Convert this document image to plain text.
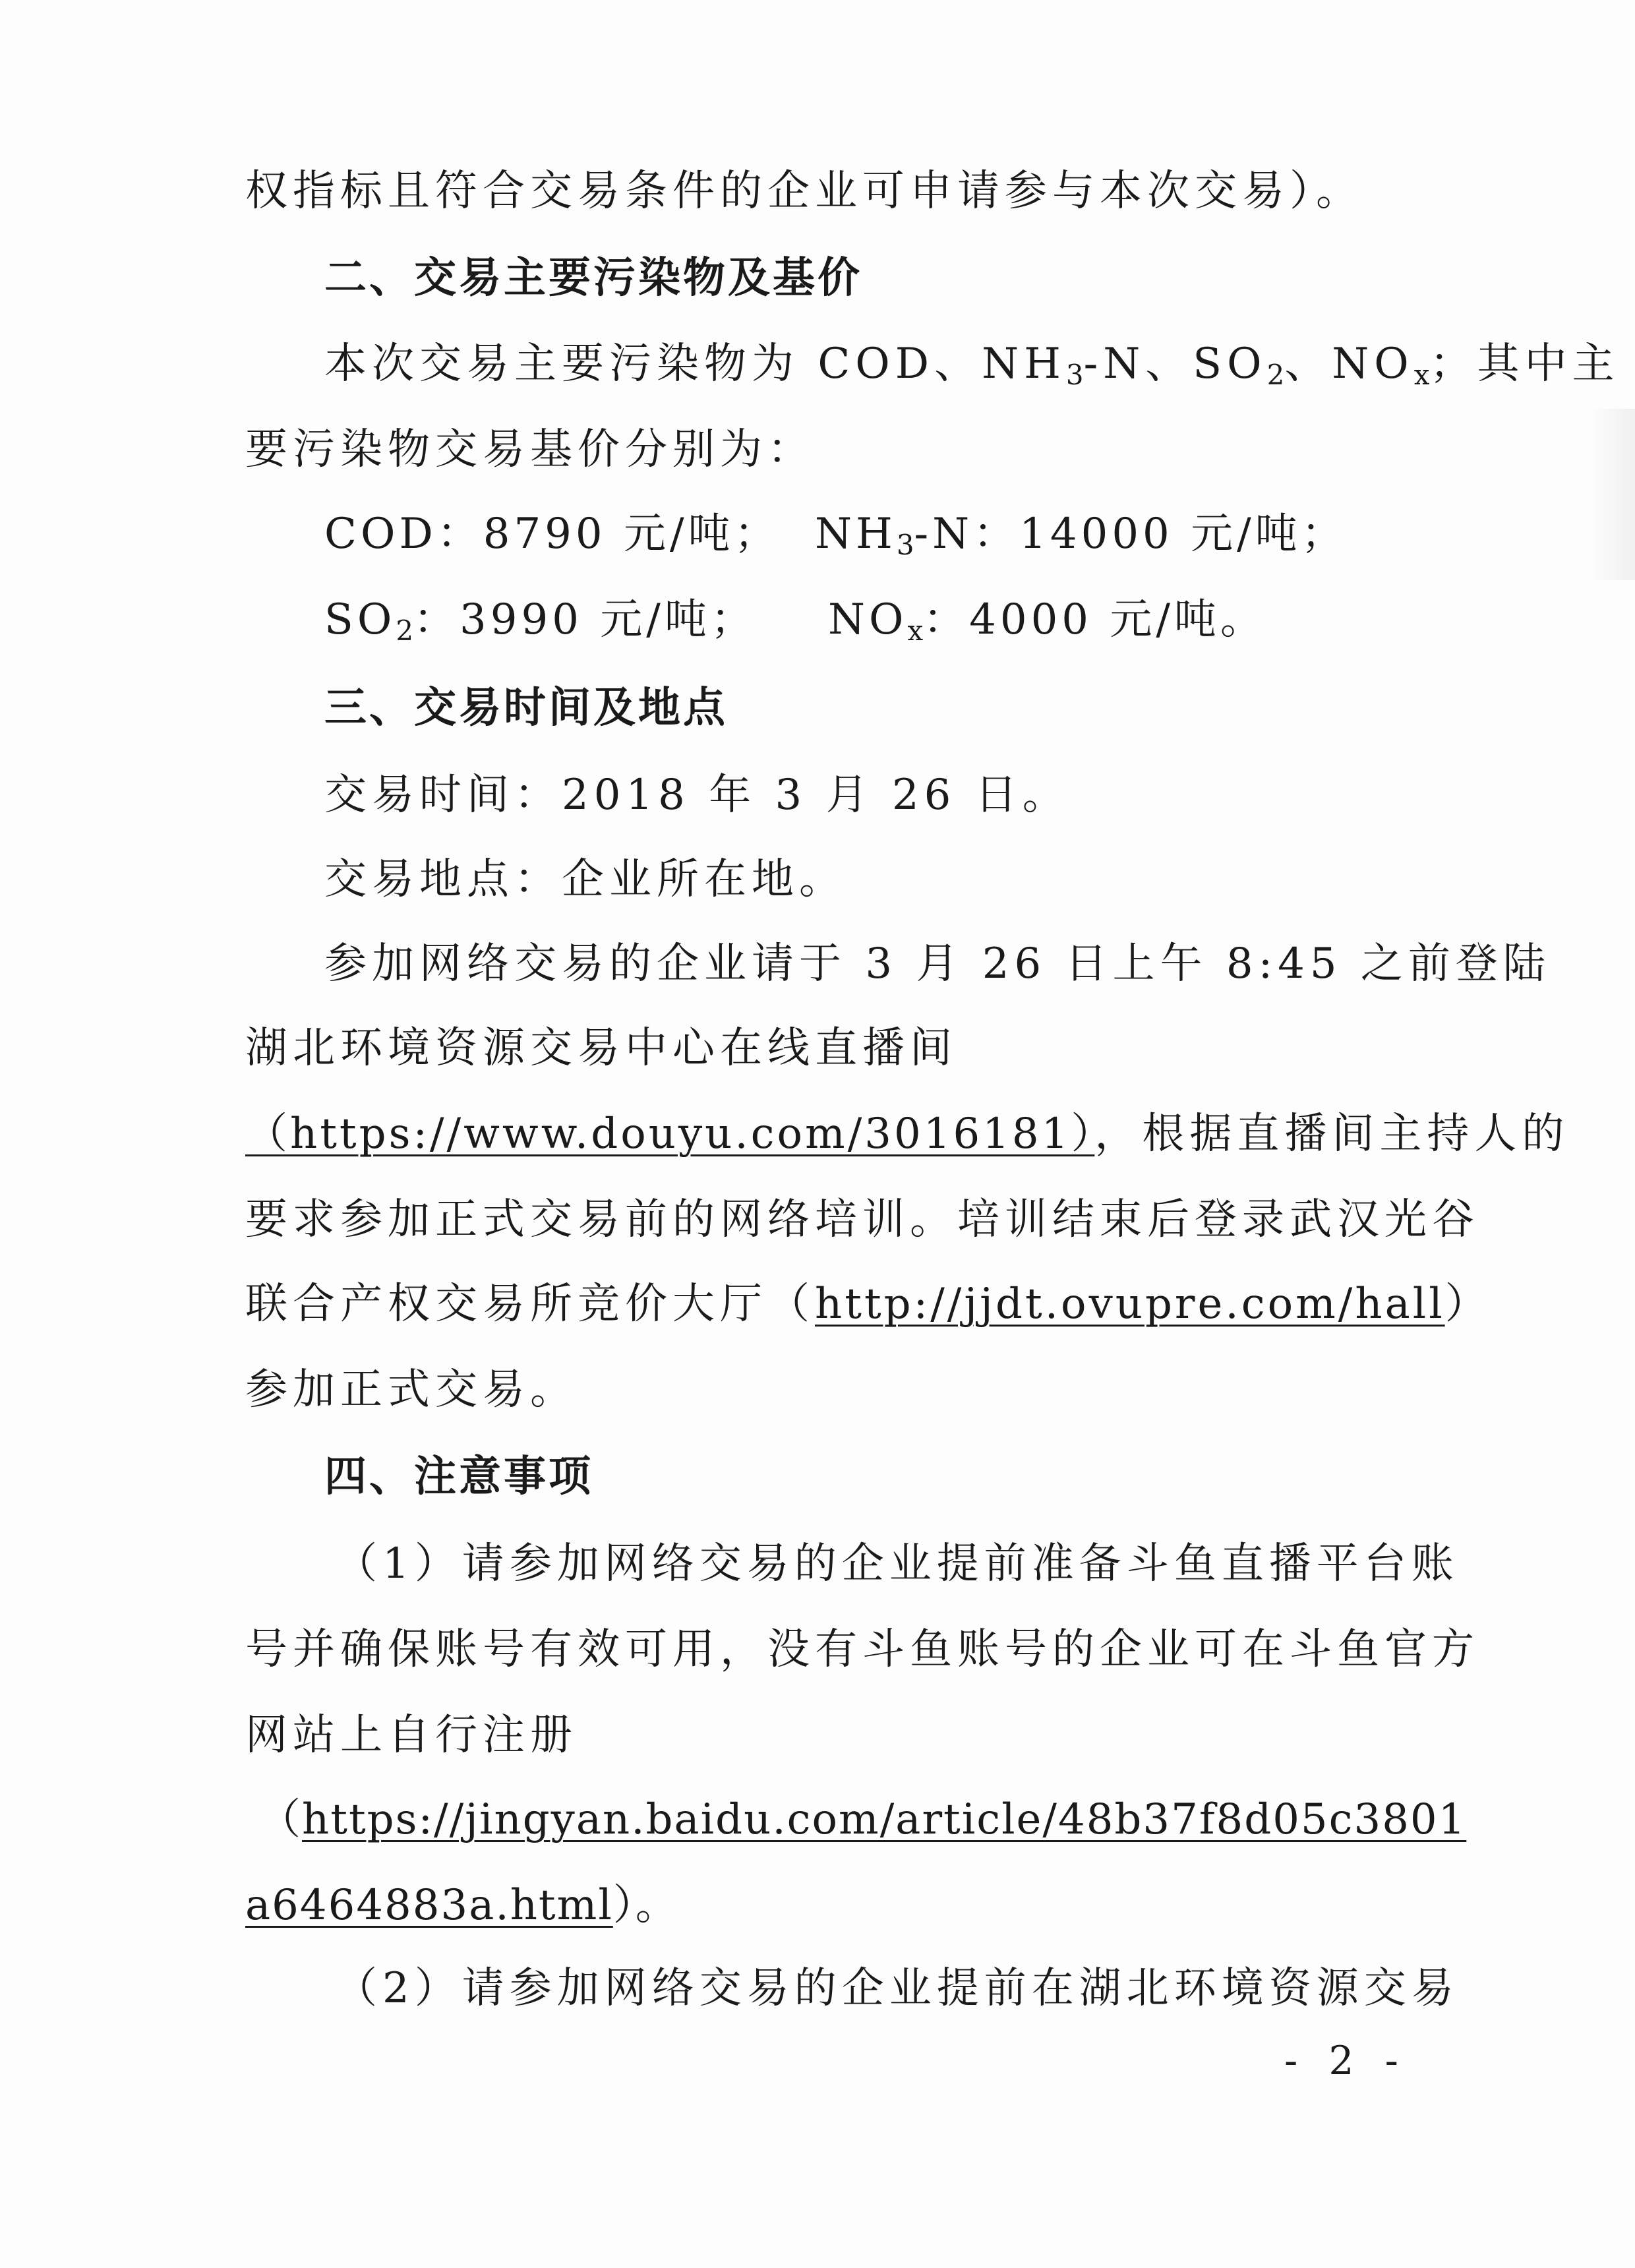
权指标且符合交易条件的企业可申请参与本次交易）。
二、交易主要污染物及基价
本次交易主要污染物为 COD、$NH_3-N$、$SO_2$、$NO_x$；其中主
要污染物交易基价分别为：
COD：8790 元/吨； $NH_3-N$：14000 元/吨；
$SO_2$：3990 元/吨； $NO_x$：4000 元/吨。
三、交易时间及地点
交易时间：2018 年 3 月 26 日。
交易地点：企业所在地。
参加网络交易的企业请于 3 月 26 日上午 8:45 之前登陆
湖北环境资源交易中心在线直播间
（https://www.douyu.com/3016181），根据直播间主持人的
要求参加正式交易前的网络培训。培训结束后登录武汉光谷
联合产权交易所竞价大厅（http://jjdt.ovupre.com/hall）
参加正式交易。
四、注意事项
（1）请参加网络交易的企业提前准备斗鱼直播平台账
号并确保账号有效可用，没有斗鱼账号的企业可在斗鱼官方
网站上自行注册
（https://jingyan.baidu.com/article/48b37f8d05c3801
a6464883a.html）。
（2）请参加网络交易的企业提前在湖北环境资源交易
- 2 -
